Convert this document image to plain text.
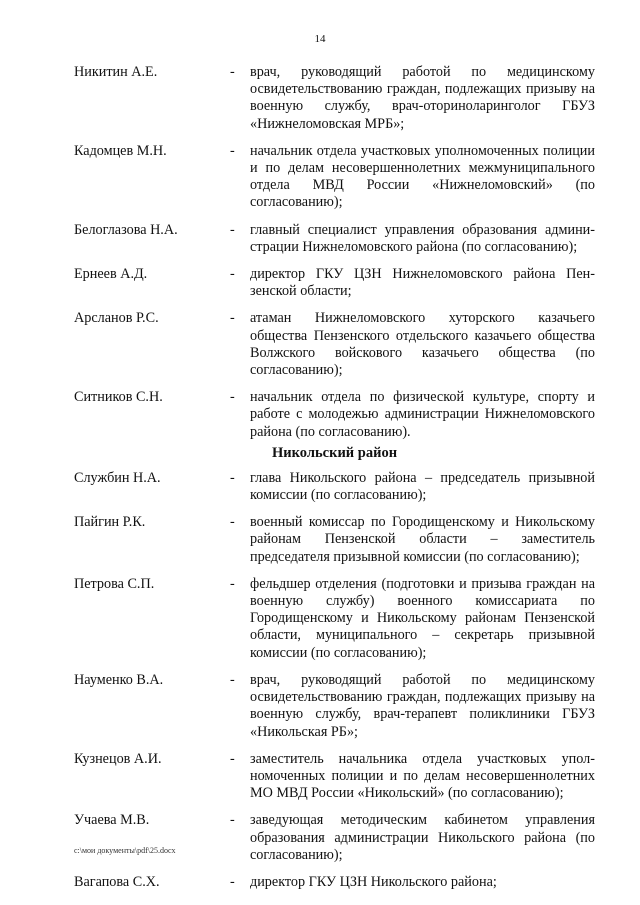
14
Никитин А.Е.	-	врач, руководящий работой по медицинскому освидетельствованию граждан, подлежащих призыву на военную службу, врач-оториноларинголог ГБУЗ «Нижнеломовская МРБ»;
Кадомцев М.Н.	-	начальник отдела участковых уполномоченных полиции и по делам несовершеннолетних межмуниципального отдела МВД России «Нижнеломовский» (по согласованию);
Белоглазова Н.А.	-	главный специалист управления образования администрации Нижнеломовского района (по согласованию);
Ернеев А.Д.	-	директор ГКУ ЦЗН Нижнеломовского района Пензенской области;
Арсланов Р.С.	-	атаман Нижнеломовского хуторского казачьего общества Пензенского отдельского казачьего общества Волжского войскового казачьего общества (по согласованию);
Ситников С.Н.	-	начальник отдела по физической культуре, спорту и работе с молодежью администрации Нижнеломовского района (по согласованию).
Никольский район
Службин Н.А.	-	глава Никольского района – председатель призывной комиссии (по согласованию);
Пайгин Р.К.	-	военный комиссар по Городищенскому и Никольскому районам Пензенской области – заместитель председателя призывной комиссии (по согласованию);
Петрова С.П.	-	фельдшер отделения (подготовки и призыва граждан на военную службу) военного комиссариата по Городищенскому и Никольскому районам Пензенской области, муниципального – секретарь призывной комиссии (по согласованию);
Науменко В.А.	-	врач, руководящий работой по медицинскому освидетельствованию граждан, подлежащих призыву на военную службу, врач-терапевт поликлиники ГБУЗ «Никольская РБ»;
Кузнецов А.И.	-	заместитель начальника отдела участковых уполномоченных полиции и по делам несовершеннолетних МО МВД России «Никольский» (по согласованию);
Учаева М.В.	-	заведующая методическим кабинетом управления образования администрации Никольского района (по согласованию);
Вагапова С.Х.	-	директор ГКУ ЦЗН Никольского района;
c:\мои документы\pdf\25.docx
